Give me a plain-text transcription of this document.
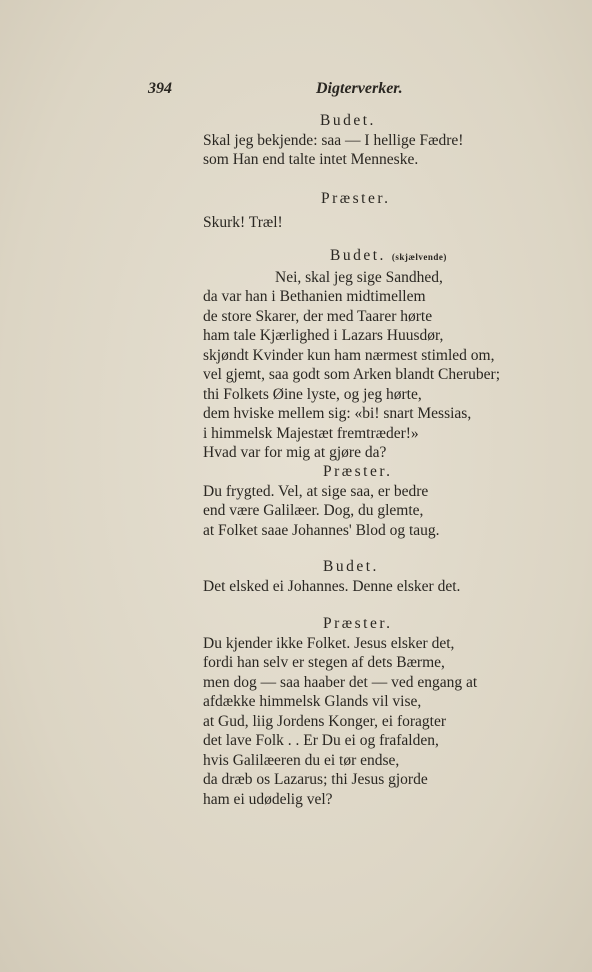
394	Digterverker.
Budet.
Skal jeg bekjende: saa — I hellige Fædre!
som Han end talte intet Menneske.
Præster.
Skurk! Træl!
Budet. (skjælvende)
Nei, skal jeg sige Sandhed,
da var han i Bethanien midtimellem
de store Skarer, der med Taarer hørte
ham tale Kjærlighed i Lazars Huusdør,
skjøndt Kvinder kun ham nærmest stimled om,
vel gjemt, saa godt som Arken blandt Cheruber;
thi Folkets Øine lyste, og jeg hørte,
dem hviske mellem sig: «bi! snart Messias,
i himmelsk Majestæt fremtræder!»
Hvad var for mig at gjøre da?
Præster.
Du frygted. Vel, at sige saa, er bedre
end være Galilæer. Dog, du glemte,
at Folket saae Johannes' Blod og taug.
Budet.
Det elsked ei Johannes. Denne elsker det.
Præster.
Du kjender ikke Folket. Jesus elsker det,
fordi han selv er stegen af dets Bærme,
men dog — saa haaber det — ved engang at
afdække himmelsk Glands vil vise,
at Gud, liig Jordens Konger, ei foragter
det lave Folk . . Er Du ei og frafalden,
hvis Galilæeren du ei tør endse,
da dræb os Lazarus; thi Jesus gjorde
ham ei udødelig vel?
